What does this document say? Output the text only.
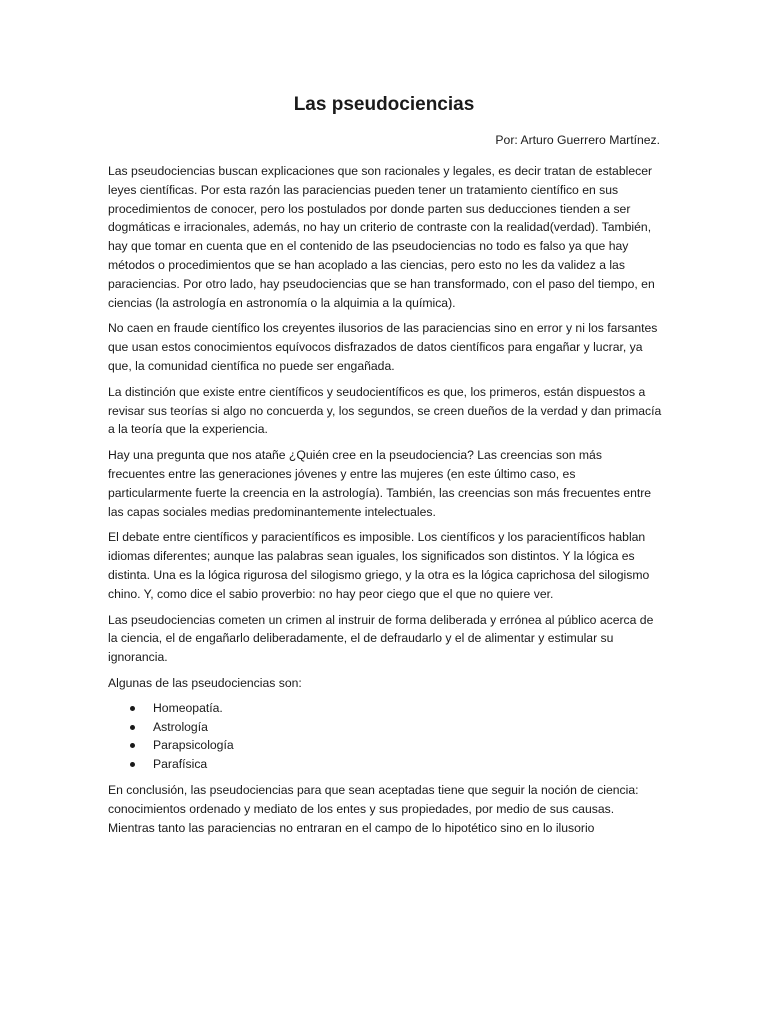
Las pseudociencias

Por: Arturo Guerrero Martínez.

Las pseudociencias buscan explicaciones que son racionales y legales, es decir tratan de establecer leyes científicas. Por esta razón las paraciencias pueden tener un tratamiento científico en sus procedimientos de conocer, pero los postulados por donde parten sus deducciones tienden a ser dogmáticas e irracionales, además, no hay un criterio de contraste con la realidad(verdad). También, hay que tomar en cuenta que en el contenido de las pseudociencias no todo es falso ya que hay métodos o procedimientos que se han acoplado a las ciencias, pero esto no les da validez a las paraciencias. Por otro lado, hay pseudociencias que se han transformado, con el paso del tiempo, en ciencias (la astrología en astronomía o la alquimia a la química).

No caen en fraude científico los creyentes ilusorios de las paraciencias sino en error y ni los farsantes que usan estos conocimientos equívocos disfrazados de datos científicos para engañar y lucrar, ya que, la comunidad científica no puede ser engañada.

La distinción que existe entre científicos y seudocientíficos es que, los primeros, están dispuestos a revisar sus teorías si algo no concuerda y, los segundos, se creen dueños de la verdad y dan primacía a la teoría que la experiencia.

Hay una pregunta que nos atañe ¿Quién cree en la pseudociencia? Las creencias son más frecuentes entre las generaciones jóvenes y entre las mujeres (en este último caso, es particularmente fuerte la creencia en la astrología). También, las creencias son más frecuentes entre las capas sociales medias predominantemente intelectuales.

El debate entre científicos y paracientíficos es imposible. Los científicos y los paracientíficos hablan idiomas diferentes; aunque las palabras sean iguales, los significados son distintos. Y la lógica es distinta. Una es la lógica rigurosa del silogismo griego, y la otra es la lógica caprichosa del silogismo chino. Y, como dice el sabio proverbio: no hay peor ciego que el que no quiere ver.

Las pseudociencias cometen un crimen al instruir de forma deliberada y errónea al público acerca de la ciencia, el de engañarlo deliberadamente, el de defraudarlo y el de alimentar y estimular su ignorancia.

Algunas de las pseudociencias son:

Homeopatía.
Astrología
Parapsicología
Parafísica

En conclusión, las pseudociencias para que sean aceptadas tiene que seguir la noción de ciencia: conocimientos ordenado y mediato de los entes y sus propiedades, por medio de sus causas. Mientras tanto las paraciencias no entraran en el campo de lo hipotético sino en lo ilusorio
